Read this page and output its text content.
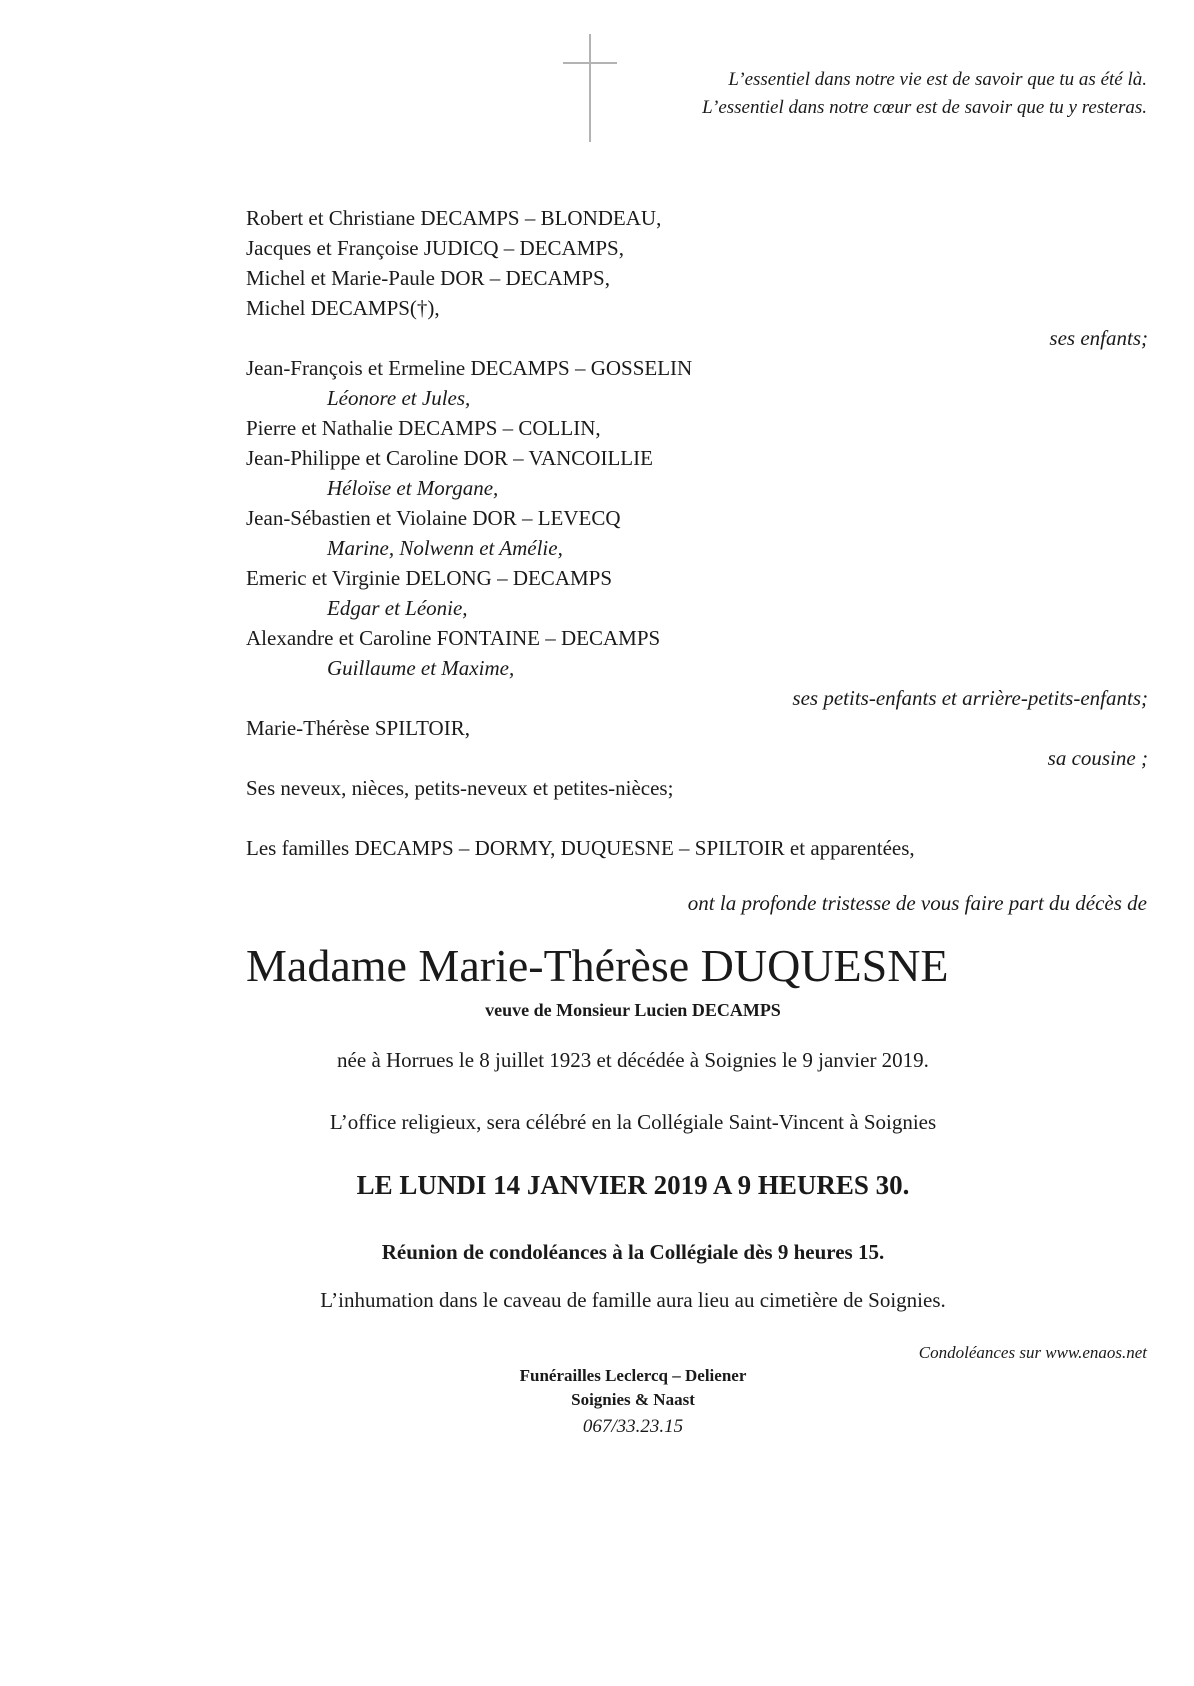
L’essentiel dans notre vie est de savoir que tu as été là.
L’essentiel dans notre cœur est de savoir que tu y resteras.
Robert et Christiane DECAMPS – BLONDEAU,
Jacques et Françoise JUDICQ – DECAMPS,
Michel et Marie-Paule DOR – DECAMPS,
Michel DECAMPS(†),
ses enfants;
Jean-François et Ermeline DECAMPS – GOSSELIN
Léonore et Jules,
Pierre et Nathalie DECAMPS – COLLIN,
Jean-Philippe et Caroline DOR – VANCOILLIE
Héloïse et Morgane,
Jean-Sébastien et Violaine DOR – LEVECQ
Marine, Nolwenn et Amélie,
Emeric et Virginie DELONG – DECAMPS
Edgar et Léonie,
Alexandre et Caroline FONTAINE – DECAMPS
Guillaume et Maxime,
ses petits-enfants et arrière-petits-enfants;
Marie-Thérèse SPILTOIR,
sa cousine ;
Ses neveux, nièces, petits-neveux et petites-nièces;
Les familles DECAMPS – DORMY, DUQUESNE – SPILTOIR et apparentées,
ont la profonde tristesse de vous faire part du décès de
Madame Marie-Thérèse DUQUESNE
veuve de Monsieur Lucien DECAMPS
née à Horrues le 8 juillet 1923 et décédée à Soignies le 9 janvier 2019.
L’office religieux, sera célébré en la Collégiale Saint-Vincent à Soignies
LE LUNDI 14 JANVIER 2019 A 9 HEURES 30.
Réunion de condoléances à la Collégiale dès 9 heures 15.
L’inhumation dans le caveau de famille aura lieu au cimetière de Soignies.
Condoléances sur www.enaos.net
Funérailles Leclercq – Deliener
Soignies & Naast
067/33.23.15
